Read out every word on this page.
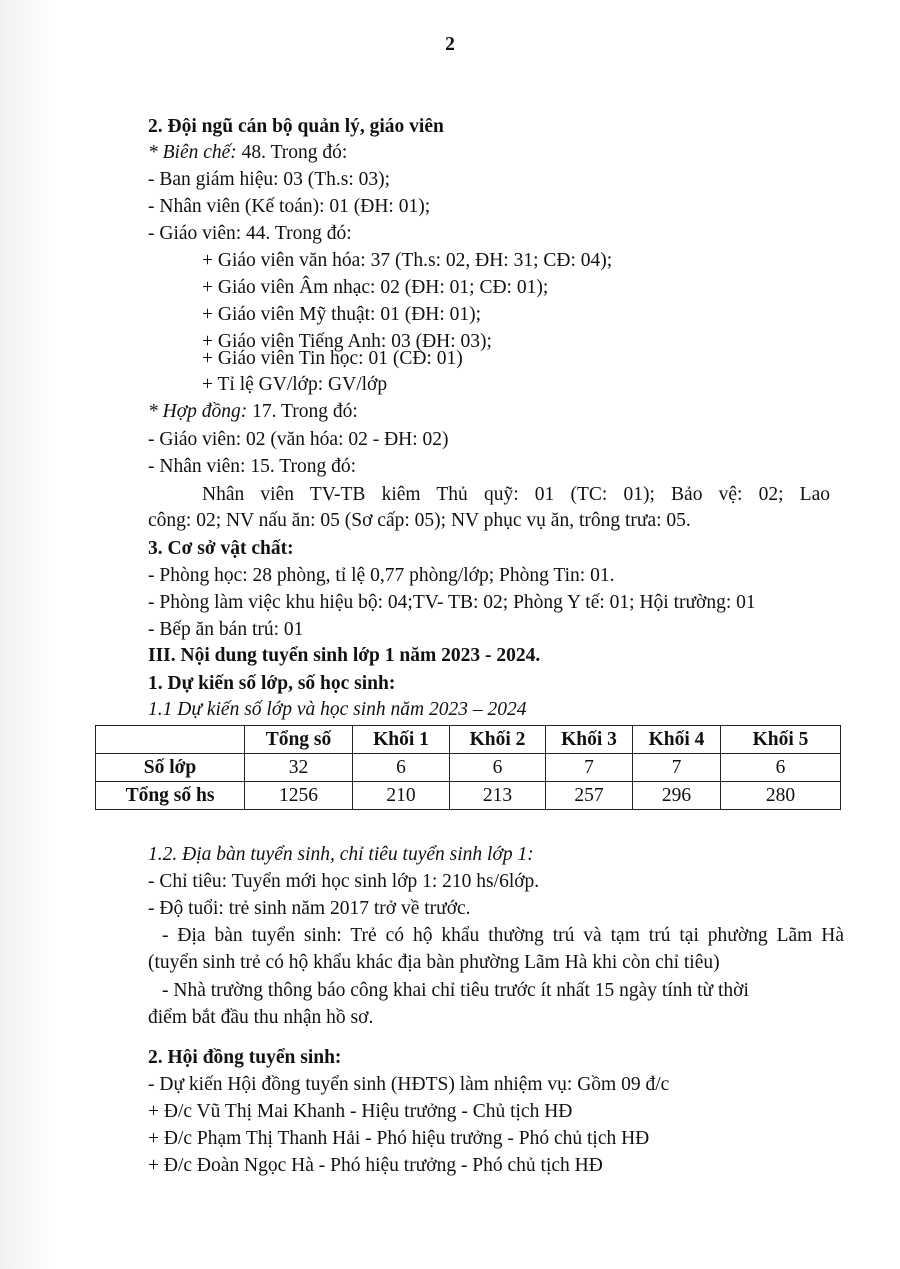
2
2. Đội ngũ cán bộ quản lý, giáo viên
* Biên chế: 48. Trong đó:
- Ban giám hiệu: 03 (Th.s: 03);
- Nhân viên (Kế toán): 01 (ĐH: 01);
- Giáo viên: 44. Trong đó:
+ Giáo viên văn hóa: 37 (Th.s: 02, ĐH: 31; CĐ: 04);
+ Giáo viên Âm nhạc: 02 (ĐH: 01; CĐ: 01);
+ Giáo viên Mỹ thuật: 01 (ĐH: 01);
+ Giáo viên Tiếng Anh: 03 (ĐH: 03);
+ Giáo viên Tin học: 01 (CĐ: 01)
+ Tỉ lệ GV/lớp: GV/lớp
* Hợp đồng: 17. Trong đó:
- Giáo viên: 02 (văn hóa: 02 - ĐH: 02)
- Nhân viên: 15. Trong đó:
Nhân viên TV-TB kiêm Thủ quỹ: 01 (TC: 01); Bảo vệ: 02; Lao
công: 02; NV nấu ăn: 05 (Sơ cấp: 05); NV phục vụ ăn, trông trưa: 05.
3. Cơ sở vật chất:
- Phòng học: 28 phòng, tỉ lệ 0,77 phòng/lớp; Phòng Tin: 01.
- Phòng làm việc khu hiệu bộ: 04;TV- TB: 02; Phòng Y tế: 01; Hội trường: 01
- Bếp ăn bán trú: 01
III. Nội dung tuyển sinh lớp 1 năm 2023 - 2024.
1. Dự kiến số lớp, số học sinh:
1.1 Dự kiến số lớp và học sinh năm 2023 – 2024
	Tổng số	Khối 1	Khối 2	Khối 3	Khối 4	Khối 5
Số lớp	32	6	6	7	7	6
Tổng số hs	1256	210	213	257	296	280
1.2. Địa bàn tuyển sinh, chỉ tiêu tuyển sinh lớp 1:
- Chỉ tiêu: Tuyển mới học sinh lớp 1: 210 hs/6lớp.
- Độ tuổi: trẻ sinh năm 2017 trở về trước.
- Địa bàn tuyển sinh: Trẻ có hộ khẩu thường trú và tạm trú tại phường Lãm Hà
(tuyển sinh trẻ có hộ khẩu khác địa bàn phường Lãm Hà khi còn chỉ tiêu)
- Nhà trường thông báo công khai chỉ tiêu trước ít nhất 15 ngày tính từ thời
điểm bắt đầu thu nhận hồ sơ.
2. Hội đồng tuyển sinh:
- Dự kiến Hội đồng tuyển sinh (HĐTS) làm nhiệm vụ: Gồm 09 đ/c
+ Đ/c Vũ Thị Mai Khanh - Hiệu trưởng - Chủ tịch HĐ
+ Đ/c Phạm Thị Thanh Hải - Phó hiệu trưởng - Phó chủ tịch HĐ
+ Đ/c Đoàn Ngọc Hà - Phó hiệu trưởng - Phó chủ tịch HĐ
